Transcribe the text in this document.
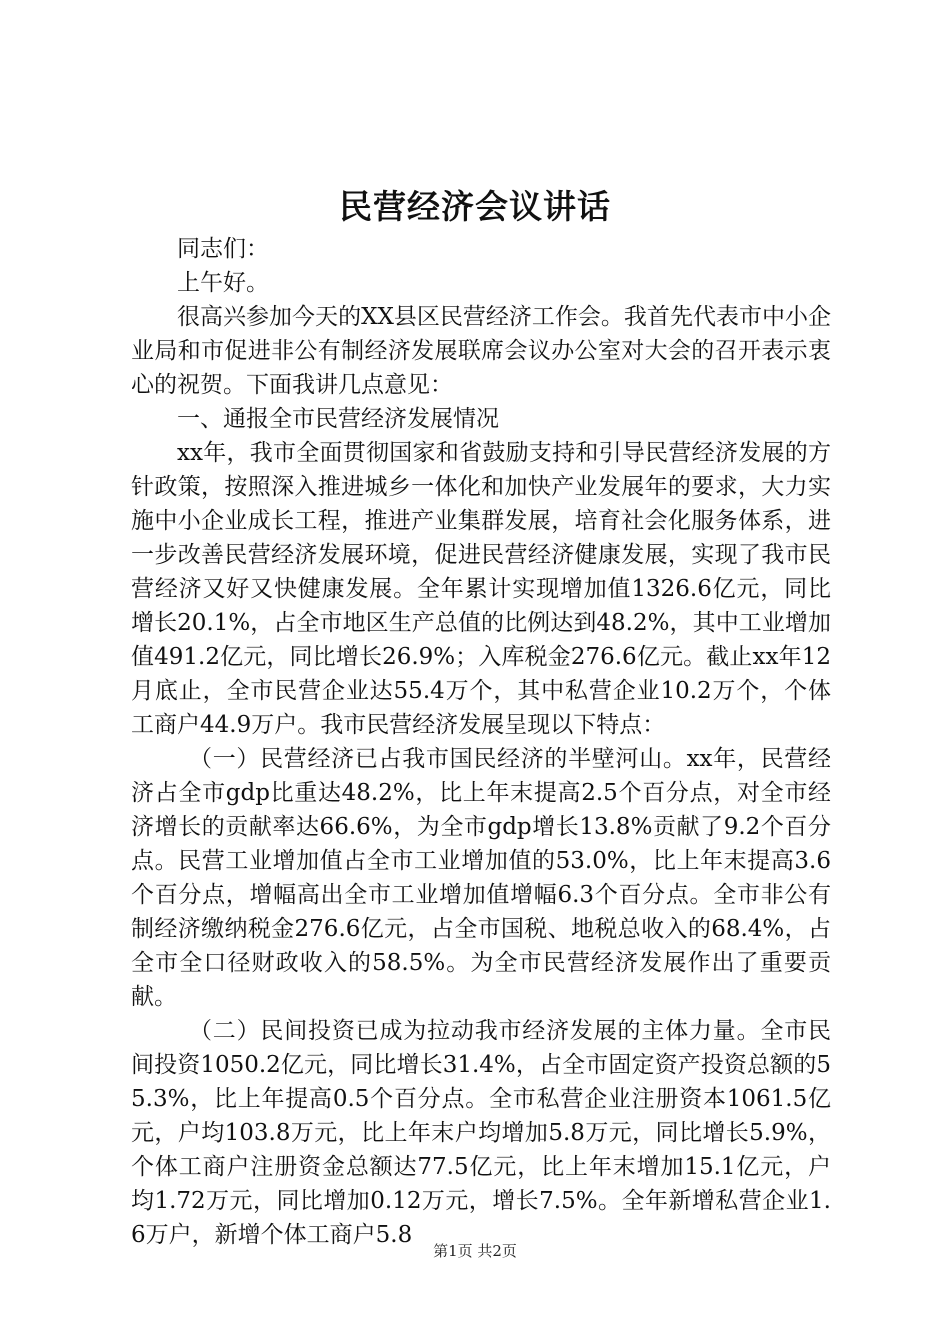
民营经济会议讲话

同志们：

上午好。

很高兴参加今天的XX县区民营经济工作会。我首先代表市中小企业局和市促进非公有制经济发展联席会议办公室对大会的召开表示衷心的祝贺。下面我讲几点意见：

一、通报全市民营经济发展情况

xx年，我市全面贯彻国家和省鼓励支持和引导民营经济发展的方针政策，按照深入推进城乡一体化和加快产业发展年的要求，大力实施中小企业成长工程，推进产业集群发展，培育社会化服务体系，进一步改善民营经济发展环境，促进民营经济健康发展，实现了我市民营经济又好又快健康发展。全年累计实现增加值1326.6亿元，同比增长20.1%，占全市地区生产总值的比例达到48.2%，其中工业增加值491.2亿元，同比增长26.9%；入库税金276.6亿元。截止xx年12月底止，全市民营企业达55.4万个，其中私营企业10.2万个，个体工商户44.9万户。我市民营经济发展呈现以下特点：

（一）民营经济已占我市国民经济的半壁河山。xx年，民营经济占全市gdp比重达48.2%，比上年末提高2.5个百分点，对全市经济增长的贡献率达66.6%，为全市gdp增长13.8%贡献了9.2个百分点。民营工业增加值占全市工业增加值的53.0%，比上年末提高3.6个百分点，增幅高出全市工业增加值增幅6.3个百分点。全市非公有制经济缴纳税金276.6亿元，占全市国税、地税总收入的68.4%，占全市全口径财政收入的58.5%。为全市民营经济发展作出了重要贡献。

（二）民间投资已成为拉动我市经济发展的主体力量。全市民间投资1050.2亿元，同比增长31.4%，占全市固定资产投资总额的55.3%，比上年提高0.5个百分点。全市私营企业注册资本1061.5亿元，户均103.8万元，比上年末户均增加5.8万元，同比增长5.9%，个体工商户注册资金总额达77.5亿元，比上年末增加15.1亿元，户均1.72万元，同比增加0.12万元，增长7.5%。全年新增私营企业1.6万户，新增个体工商户5.8

第1页 共2页
